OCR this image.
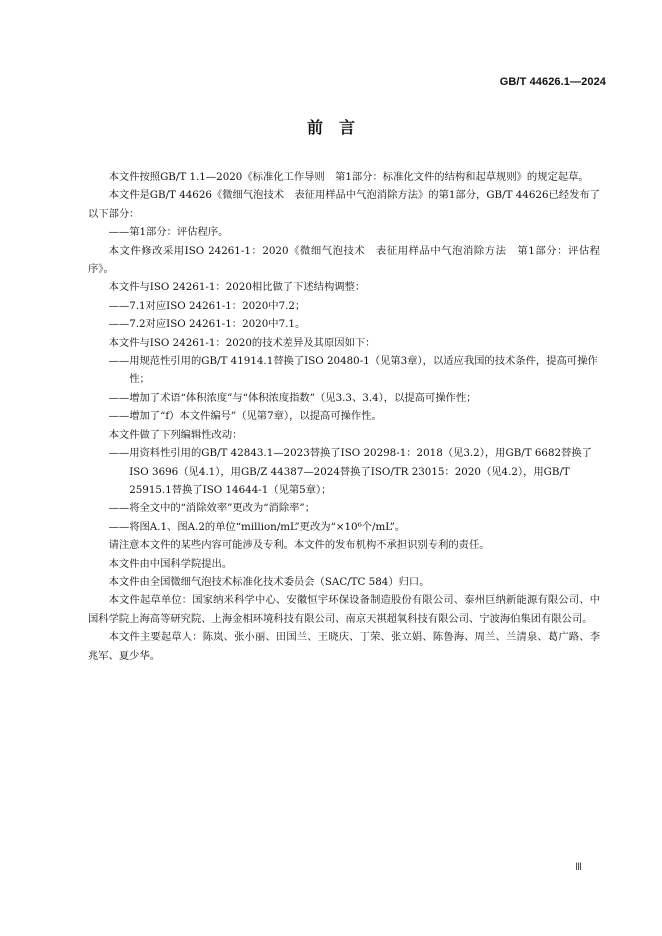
GB/T 44626.1—2024
前　言

本文件按照GB/T 1.1—2020《标准化工作导则　第1部分：标准化文件的结构和起草规则》的规定起草。

本文件是GB/T 44626《微细气泡技术　表征用样品中气泡消除方法》的第1部分，GB/T 44626已经发布了以下部分：

——第1部分：评估程序。

本文件修改采用ISO 24261-1：2020《微细气泡技术　表征用样品中气泡消除方法　第1部分：评估程序》。

本文件与ISO 24261-1：2020相比做了下述结构调整：

——7.1对应ISO 24261-1：2020中7.2；

——7.2对应ISO 24261-1：2020中7.1。

本文件与ISO 24261-1：2020的技术差异及其原因如下：

——用规范性引用的GB/T 41914.1替换了ISO 20480-1（见第3章），以适应我国的技术条件，提高可操作性；

——增加了术语“体积浓度”与“体积浓度指数”（见3.3、3.4），以提高可操作性；

——增加了“f）本文件编号”（见第7章），以提高可操作性。

本文件做了下列编辑性改动：

——用资料性引用的GB/T 42843.1—2023替换了ISO 20298-1：2018（见3.2），用GB/T 6682替换了ISO 3696（见4.1），用GB/Z 44387—2024替换了ISO/TR 23015：2020（见4.2），用GB/T 25915.1替换了ISO 14644-1（见第5章）；

——将全文中的“消除效率”更改为“消除率”；

——将图A.1、图A.2的单位“million/mL”更改为“×10⁶个/mL”。

请注意本文件的某些内容可能涉及专利。本文件的发布机构不承担识别专利的责任。

本文件由中国科学院提出。

本文件由全国微细气泡技术标准化技术委员会（SAC/TC 584）归口。

本文件起草单位：国家纳米科学中心、安徽恒宇环保设备制造股份有限公司、泰州巨纳新能源有限公司、中国科学院上海高等研究院、上海金相环境科技有限公司、南京天祺超氧科技有限公司、宁波海伯集团有限公司。

本文件主要起草人：陈岚、张小丽、田国兰、王晓庆、丁荣、张立娟、陈鲁海、周兰、兰清泉、葛广路、李兆军、夏少华。

Ⅲ
